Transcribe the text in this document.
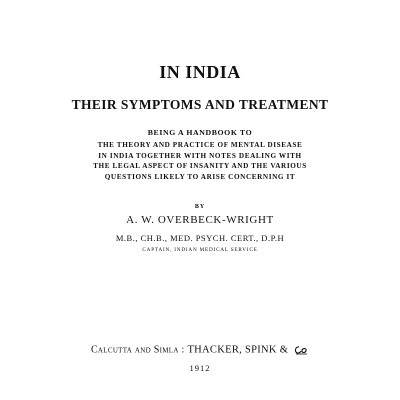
IN INDIA
THEIR SYMPTOMS AND TREATMENT
BEING A HANDBOOK TO
THE THEORY AND PRACTICE OF MENTAL DISEASE
IN INDIA TOGETHER WITH NOTES DEALING WITH
THE LEGAL ASPECT OF INSANITY AND THE VARIOUS
QUESTIONS LIKELY TO ARISE CONCERNING IT
BY
A. W. OVERBECK-WRIGHT
M.B., CH.B., MED. PSYCH. CERT., D.P.H
CAPTAIN, INDIAN MEDICAL SERVICE
Calcutta and Simla : THACKER, SPINK &
1912
